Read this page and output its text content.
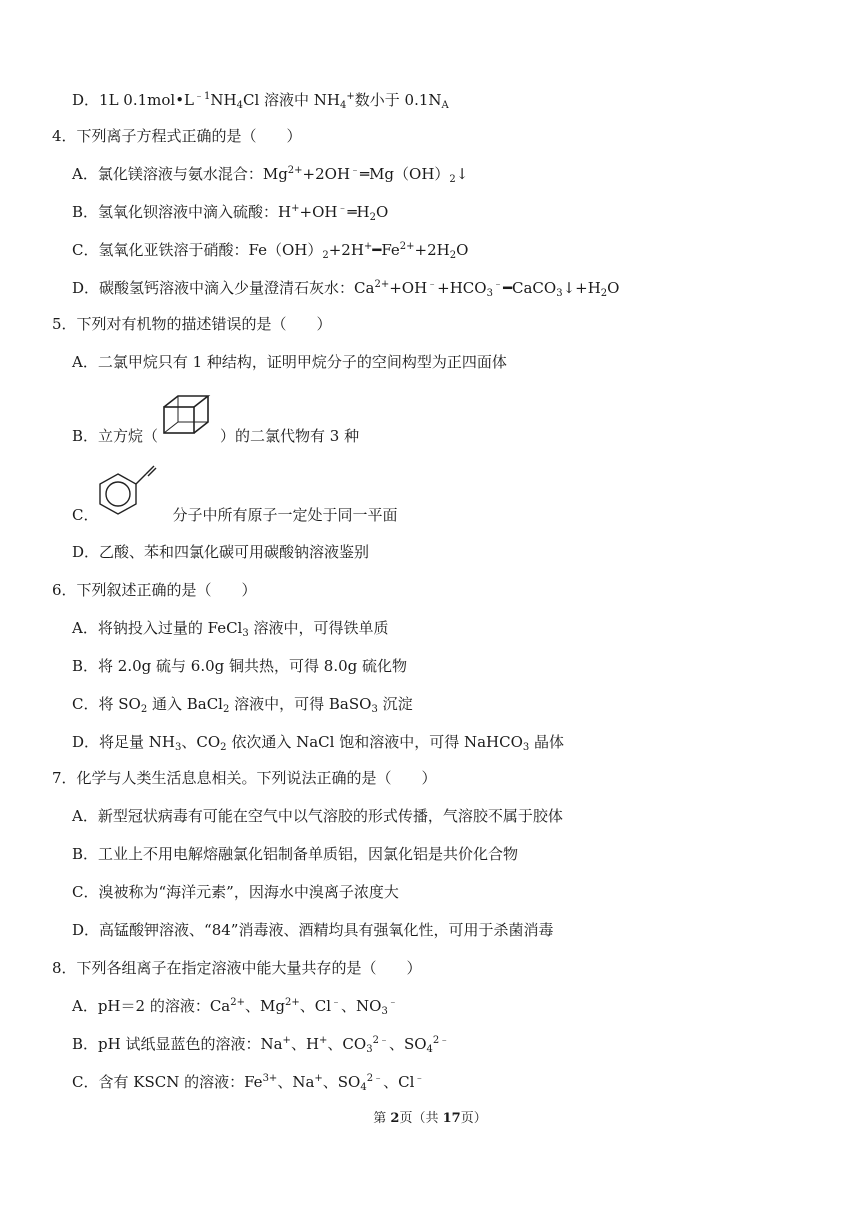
D．1L $0.1mol•L^{﹣1}NH_4Cl$ 溶液中 $NH_4^+$数小于 $0.1N_A$
4．下列离子方程式正确的是（　　）
A．氯化镁溶液与氨水混合：$Mg^{2+}+2OH^﹣═Mg(OH)_2↓$
B．氢氧化钡溶液中滴入硫酸：$H^++OH^﹣═H_2O$
C．氢氧化亚铁溶于硝酸：$Fe(OH)_2+2H^+━Fe^{2+}+2H_2O$
D．碳酸氢钙溶液中滴入少量澄清石灰水：$Ca^{2+}+OH^﹣+HCO_3^﹣━CaCO_3↓+H_2O$
5．下列对有机物的描述错误的是（　　）
A．二氯甲烷只有 1 种结构，证明甲烷分子的空间构型为正四面体
B．立方烷（	）的二氯代物有 3 种
C．	分子中所有原子一定处于同一平面
D．乙酸、苯和四氯化碳可用碳酸钠溶液鉴别
6．下列叙述正确的是（　　）
A．将钠投入过量的 FeCl$_3$ 溶液中，可得铁单质
B．将 2.0g 硫与 6.0g 铜共热，可得 8.0g 硫化物
C．将 $SO_2$ 通入 BaCl$_2$ 溶液中，可得 BaSO$_3$ 沉淀
D．将足量 $NH_3$、$CO_2$ 依次通入 NaCl 饱和溶液中，可得 NaHCO$_3$ 晶体
7．化学与人类生活息息相关。下列说法正确的是（　　）
A．新型冠状病毒有可能在空气中以气溶胶的形式传播，气溶胶不属于胶体
B．工业上不用电解熔融氯化铝制备单质铝，因氯化铝是共价化合物
C．溴被称为“海洋元素”，因海水中溴离子浓度大
D．高锰酸钾溶液、“84”消毒液、酒精均具有强氧化性，可用于杀菌消毒
8．下列各组离子在指定溶液中能大量共存的是（　　）
A．pH＝2 的溶液：$Ca^{2+}$、$Mg^{2+}$、Cl﹣、$NO_3^﹣$
B．pH 试纸显蓝色的溶液：Na+、H+、$CO_3^{2﹣}$、$SO_4^{2﹣}$
C．含有 KSCN 的溶液：$Fe^{3+}$、Na+、$SO_4^{2﹣}$、Cl﹣
第 2页（共 17页）
